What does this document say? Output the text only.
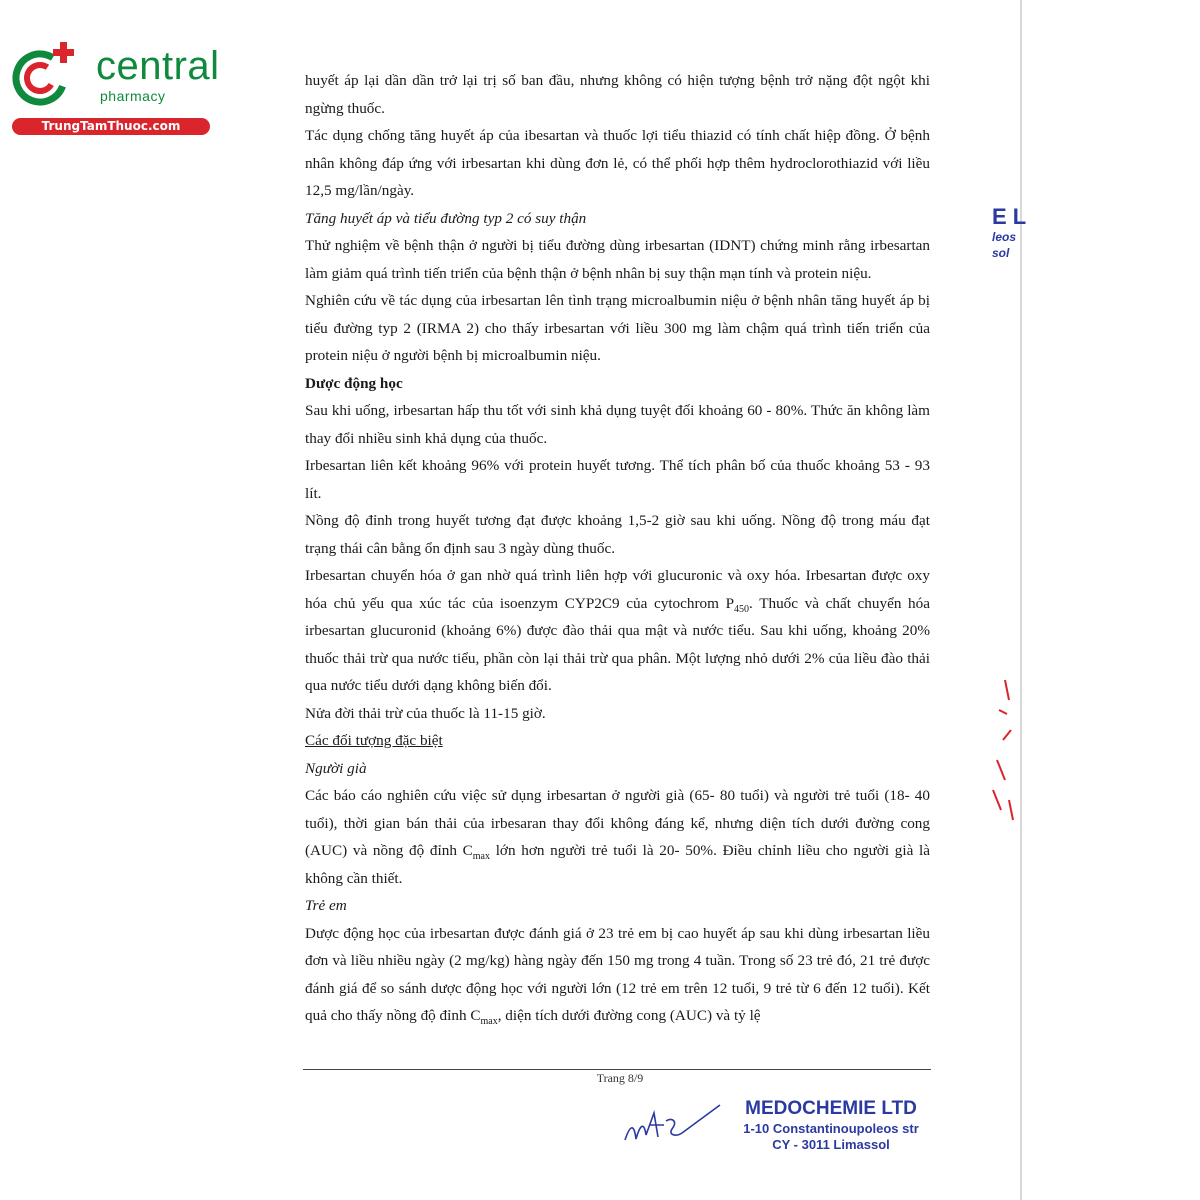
central
pharmacy
TrungTamThuoc.com

huyết áp lại dần dần trở lại trị số ban đầu, nhưng không có hiện tượng bệnh trở nặng đột ngột khi ngừng thuốc.

Tác dụng chống tăng huyết áp của ibesartan và thuốc lợi tiểu thiazid có tính chất hiệp đồng. Ở bệnh nhân không đáp ứng với irbesartan khi dùng đơn lẻ, có thể phối hợp thêm hydroclorothiazid với liều 12,5 mg/lần/ngày.

Tăng huyết áp và tiểu đường typ 2 có suy thận

Thử nghiệm về bệnh thận ở người bị tiểu đường dùng irbesartan (IDNT) chứng minh rằng irbesartan làm giảm quá trình tiến triển của bệnh thận ở bệnh nhân bị suy thận mạn tính và protein niệu.

Nghiên cứu về tác dụng của irbesartan lên tình trạng microalbumin niệu ở bệnh nhân tăng huyết áp bị tiểu đường typ 2 (IRMA 2) cho thấy irbesartan với liều 300 mg làm chậm quá trình tiến triển của protein niệu ở người bệnh bị microalbumin niệu.

Dược động học

Sau khi uống, irbesartan hấp thu tốt với sinh khả dụng tuyệt đối khoảng 60 - 80%. Thức ăn không làm thay đổi nhiều sinh khả dụng của thuốc.

Irbesartan liên kết khoảng 96% với protein huyết tương. Thể tích phân bố của thuốc khoảng 53 - 93 lít.

Nồng độ đỉnh trong huyết tương đạt được khoảng 1,5-2 giờ sau khi uống. Nồng độ trong máu đạt trạng thái cân bằng ổn định sau 3 ngày dùng thuốc.

Irbesartan chuyển hóa ở gan nhờ quá trình liên hợp với glucuronic và oxy hóa. Irbesartan được oxy hóa chủ yếu qua xúc tác của isoenzym CYP2C9 của cytochrom $P_{450}$. Thuốc và chất chuyển hóa irbesartan glucuronid (khoảng 6%) được đào thải qua mật và nước tiểu. Sau khi uống, khoảng 20% thuốc thải trừ qua nước tiểu, phần còn lại thải trừ qua phân. Một lượng nhỏ dưới 2% của liều đào thải qua nước tiểu dưới dạng không biến đổi.

Nửa đời thải trừ của thuốc là 11-15 giờ.

Các đối tượng đặc biệt

Người già

Các báo cáo nghiên cứu việc sử dụng irbesartan ở người già (65- 80 tuổi) và người trẻ tuổi (18- 40 tuổi), thời gian bán thải của irbesaran thay đổi không đáng kể, nhưng diện tích dưới đường cong (AUC) và nồng độ đỉnh $C_{max}$ lớn hơn người trẻ tuổi là 20- 50%. Điều chỉnh liều cho người già là không cần thiết.

Trẻ em

Dược động học của irbesartan được đánh giá ở 23 trẻ em bị cao huyết áp sau khi dùng irbesartan liều đơn và liều nhiều ngày (2 mg/kg) hàng ngày đến 150 mg trong 4 tuần. Trong số 23 trẻ đó, 21 trẻ được đánh giá để so sánh dược động học với người lớn (12 trẻ em trên 12 tuổi, 9 trẻ từ 6 đến 12 tuổi). Kết quả cho thấy nồng độ đỉnh $C_{max}$, diện tích dưới đường cong (AUC) và tỷ lệ

Trang 8/9
MEDOCHEMIE LTD
1-10 Constantinoupoleos str
CY - 3011 Limassol
E L
leos
sol
